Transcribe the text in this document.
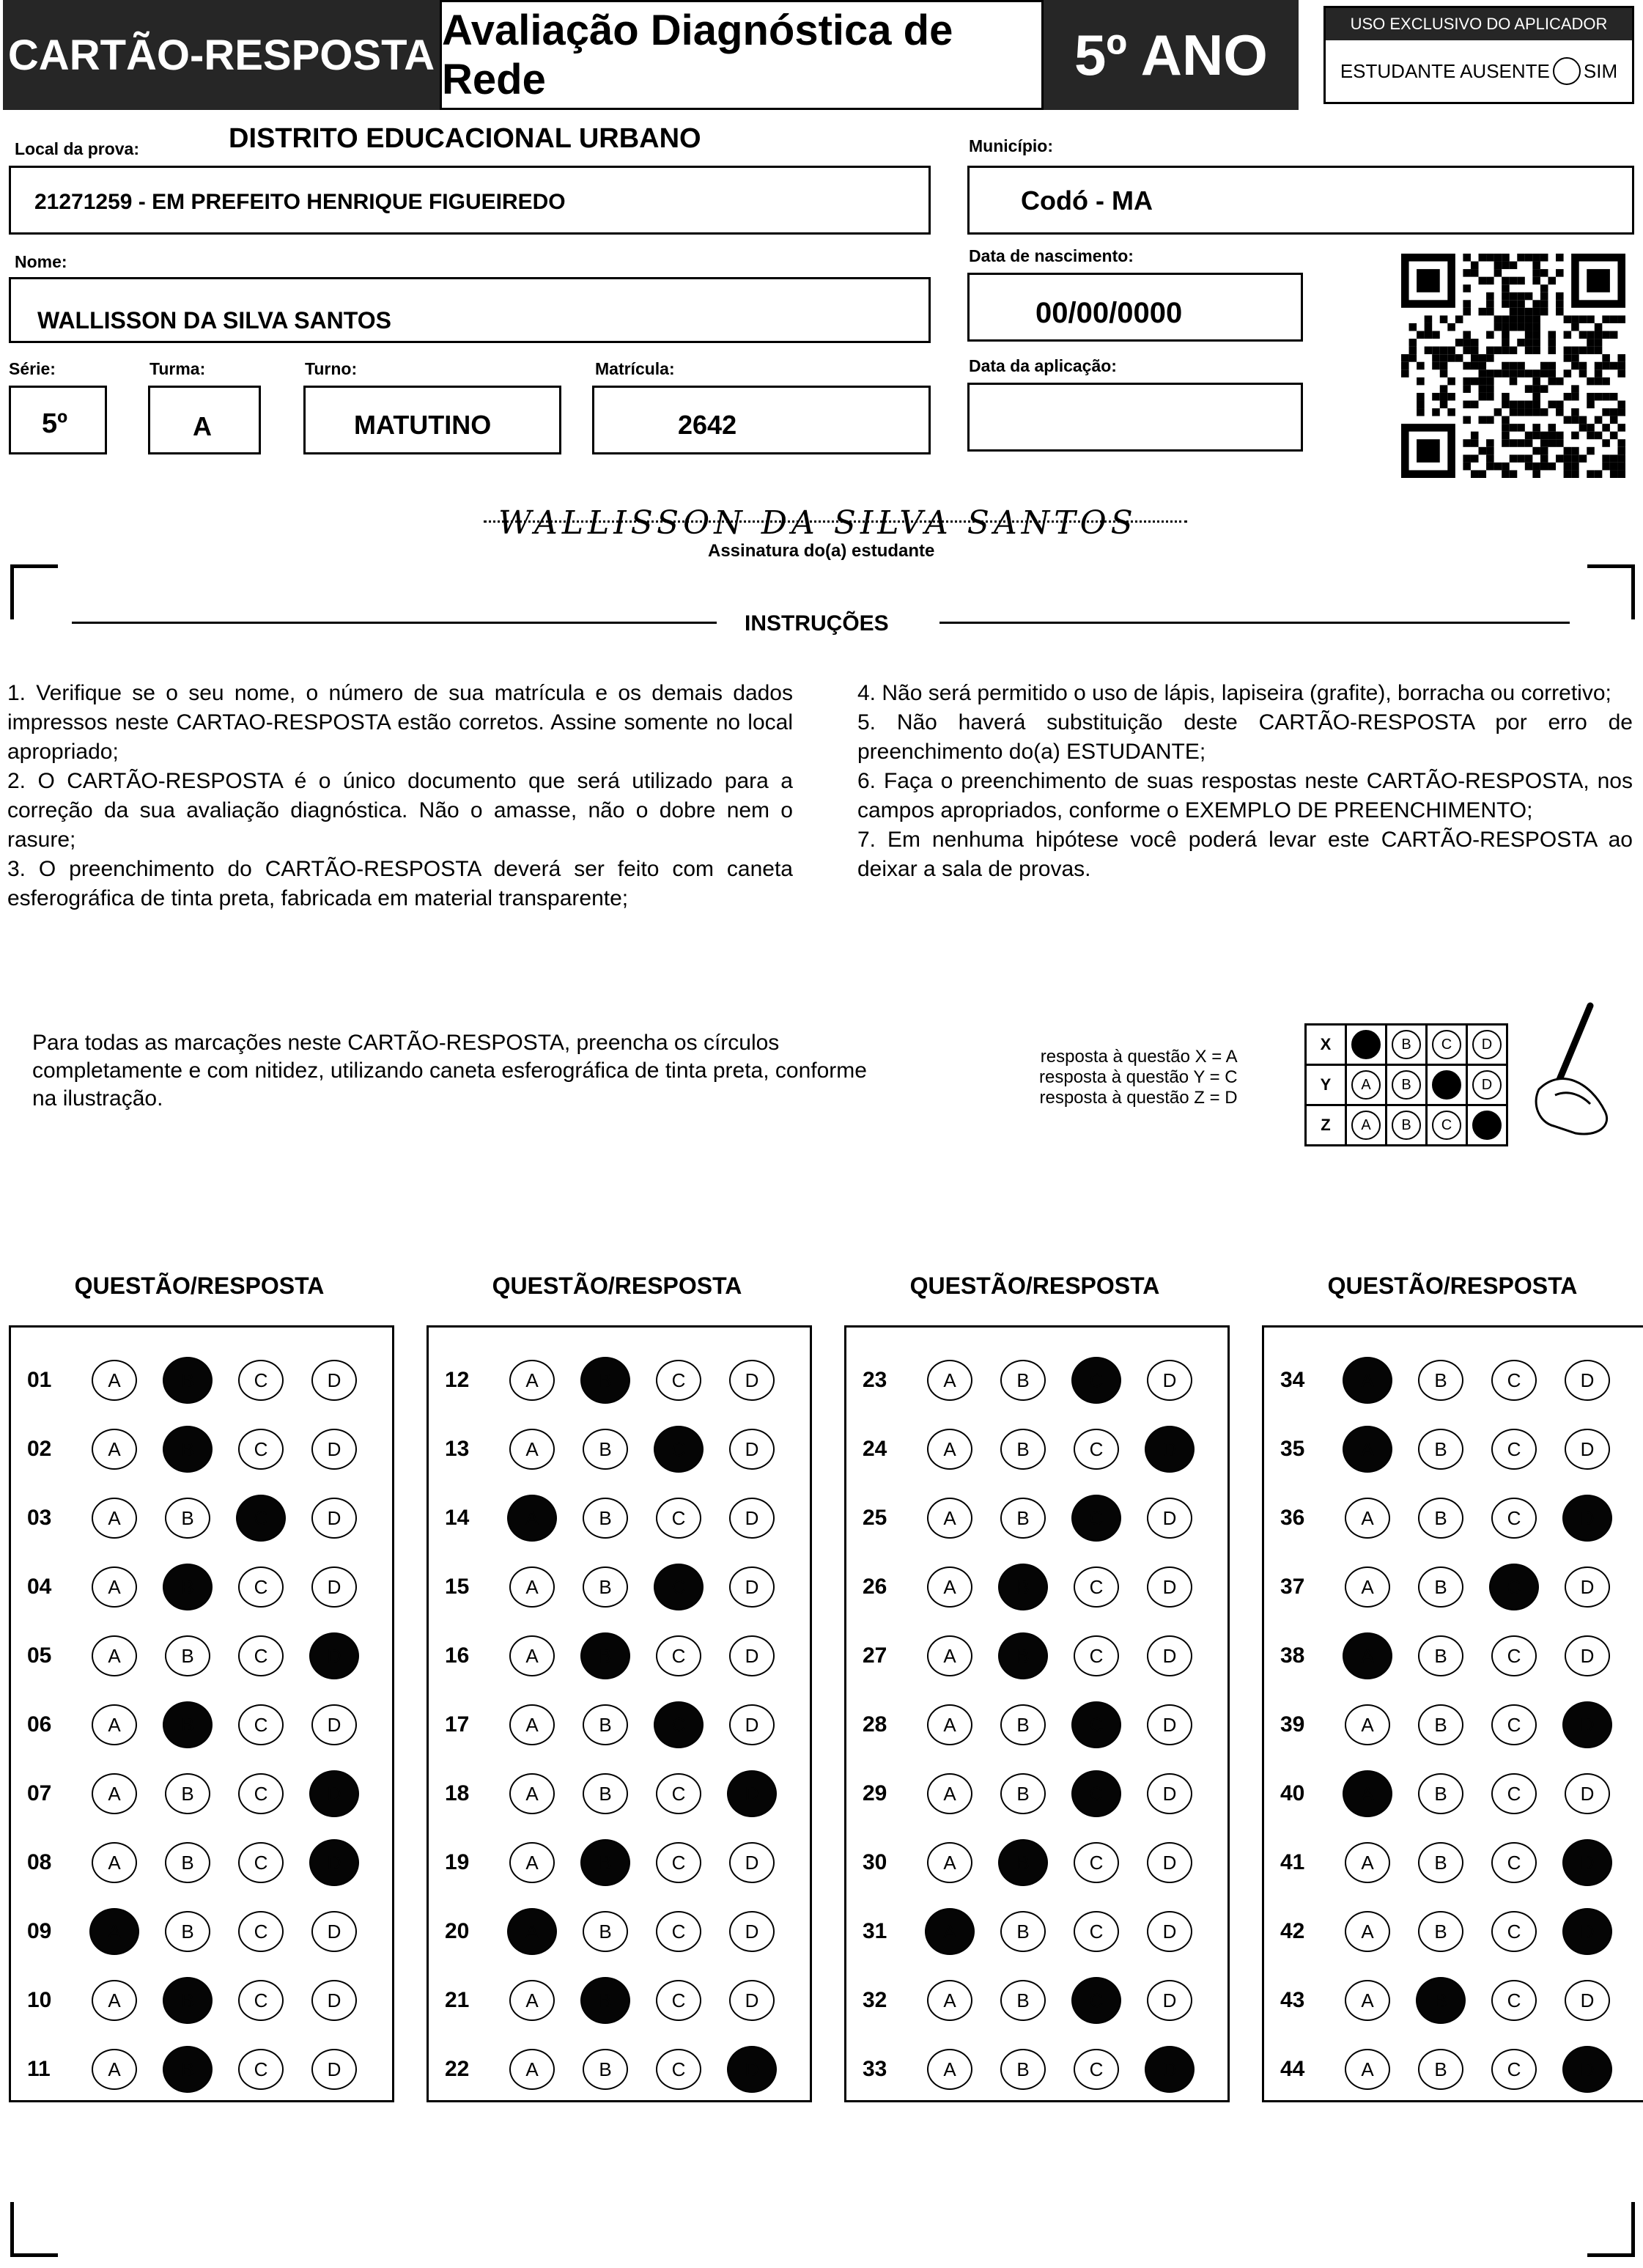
CARTÃO-RESPOSTA
Avaliação Diagnóstica de Rede	5º ANO	USO EXCLUSIVO DO APLICADOR
ESTUDANTE AUSENTE SIM
Local da prova:	DISTRITO EDUCACIONAL URBANO
21271259 - EM PREFEITO HENRIQUE FIGUEIREDO
Município:
Codó - MA
Nome:
WALLISSON DA SILVA SANTOS
Data de nascimento:
00/00/0000
Série:
5º
Turma:
A
Turno:
MATUTINO
Matrícula:
2642
Data da aplicação:
WALLISSON DA SILVA SANTOS
Assinatura do(a) estudante
INSTRUÇÕES

1. Verifique se o seu nome, o número de sua matrícula e os demais dados impressos neste CARTAO-RESPOSTA estão corretos. Assine somente no local apropriado;

2. O CARTÃO-RESPOSTA é o único documento que será utilizado para a correção da sua avaliação diagnóstica. Não o amasse, não o dobre nem o rasure;

3. O preenchimento do CARTÃO-RESPOSTA deverá ser feito com caneta esferográfica de tinta preta, fabricada em material transparente;

4. Não será permitido o uso de lápis, lapiseira (grafite), borracha ou corretivo;

5. Não haverá substituição deste CARTÃO-RESPOSTA por erro de preenchimento do(a) ESTUDANTE;

6. Faça o preenchimento de suas respostas neste CARTÃO-RESPOSTA, nos campos apropriados, conforme o EXEMPLO DE PREENCHIMENTO;

7. Em nenhuma hipótese você poderá levar este CARTÃO-RESPOSTA ao deixar a sala de provas.

Para todas as marcações neste CARTÃO-RESPOSTA, preencha os círculos completamente e com nitidez, utilizando caneta esferográfica de tinta preta, conforme na ilustração.
resposta à questão X = A
resposta à questão Y = C
resposta à questão Z = D
X	A	B	C	D
Y	A	B	C	D
Z	A	B	C	D
QUESTÃO/RESPOSTA
01	A	B	C	D
02	A	B	C	D
03	A	B	C	D
04	A	B	C	D
05	A	B	C	D
06	A	B	C	D
07	A	B	C	D
08	A	B	C	D
09	A	B	C	D
10	A	B	C	D
11	A	B	C	D
QUESTÃO/RESPOSTA
12	A	B	C	D
13	A	B	C	D
14	A	B	C	D
15	A	B	C	D
16	A	B	C	D
17	A	B	C	D
18	A	B	C	D
19	A	B	C	D
20	A	B	C	D
21	A	B	C	D
22	A	B	C	D
QUESTÃO/RESPOSTA
23	A	B	C	D
24	A	B	C	D
25	A	B	C	D
26	A	B	C	D
27	A	B	C	D
28	A	B	C	D
29	A	B	C	D
30	A	B	C	D
31	A	B	C	D
32	A	B	C	D
33	A	B	C	D
QUESTÃO/RESPOSTA
34	A	B	C	D
35	A	B	C	D
36	A	B	C	D
37	A	B	C	D
38	A	B	C	D
39	A	B	C	D
40	A	B	C	D
41	A	B	C	D
42	A	B	C	D
43	A	B	C	D
44	A	B	C	D
